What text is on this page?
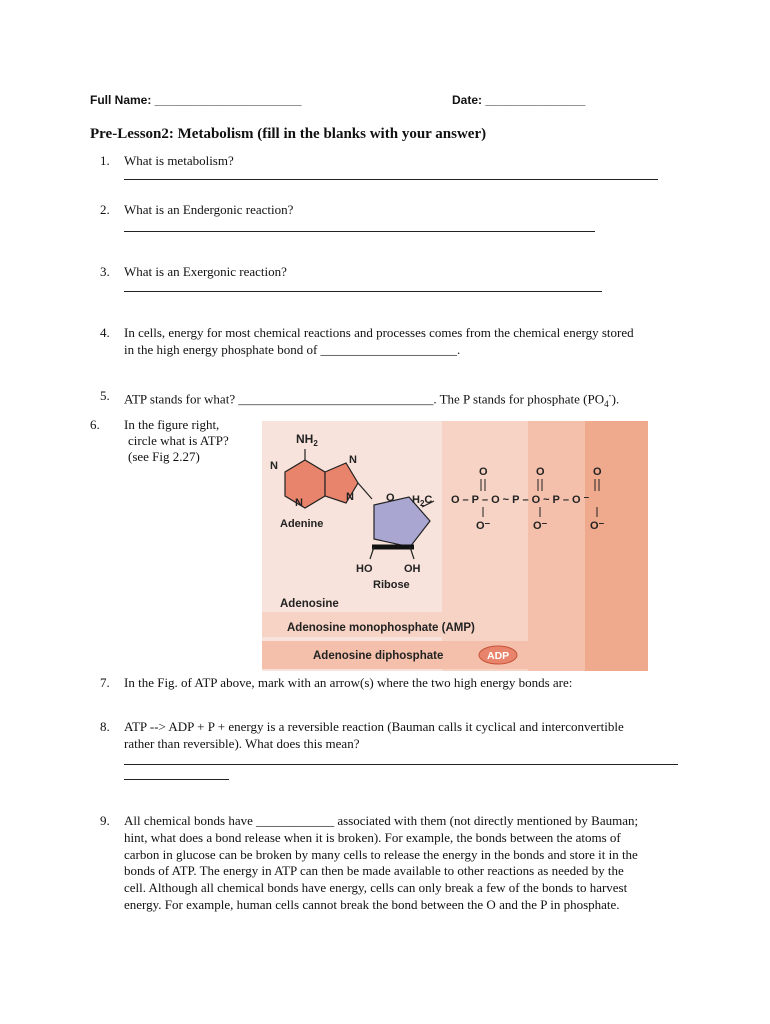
Full Name: ______________________	Date: _______________
Pre-Lesson2: Metabolism (fill in the blanks with your answer)
1. What is metabolism?
2. What is an Endergonic reaction?
3. What is an Exergonic reaction?
4. In cells, energy for most chemical reactions and processes comes from the chemical energy stored
in the high energy phosphate bond of _____________________.
5. ATP stands for what? ______________________________. The P stands for phosphate $(PO_4^-)$.
6. In the figure right,
circle what is ATP?
(see Fig 2.27)
$NH_2$
N	N
N	N
Adenine
O
HO	OH
Ribose
$H_2C$ O–P–O~P–O~P–O⁻
O	O	O
O⁻	O⁻	O⁻
Adenosine
Adenosine monophosphate (AMP)
Adenosine diphosphate	ADP
7. In the Fig. of ATP above, mark with an arrow(s) where the two high energy bonds are:
8. ATP --> ADP + P + energy is a reversible reaction (Bauman calls it cyclical and interconvertible
rather than reversible). What does this mean?
9. All chemical bonds have ____________ associated with them (not directly mentioned by Bauman;
hint, what does a bond release when it is broken). For example, the bonds between the atoms of
carbon in glucose can be broken by many cells to release the energy in the bonds and store it in the
bonds of ATP. The energy in ATP can then be made available to other reactions as needed by the
cell. Although all chemical bonds have energy, cells can only break a few of the bonds to harvest
energy. For example, human cells cannot break the bond between the O and the P in phosphate.
